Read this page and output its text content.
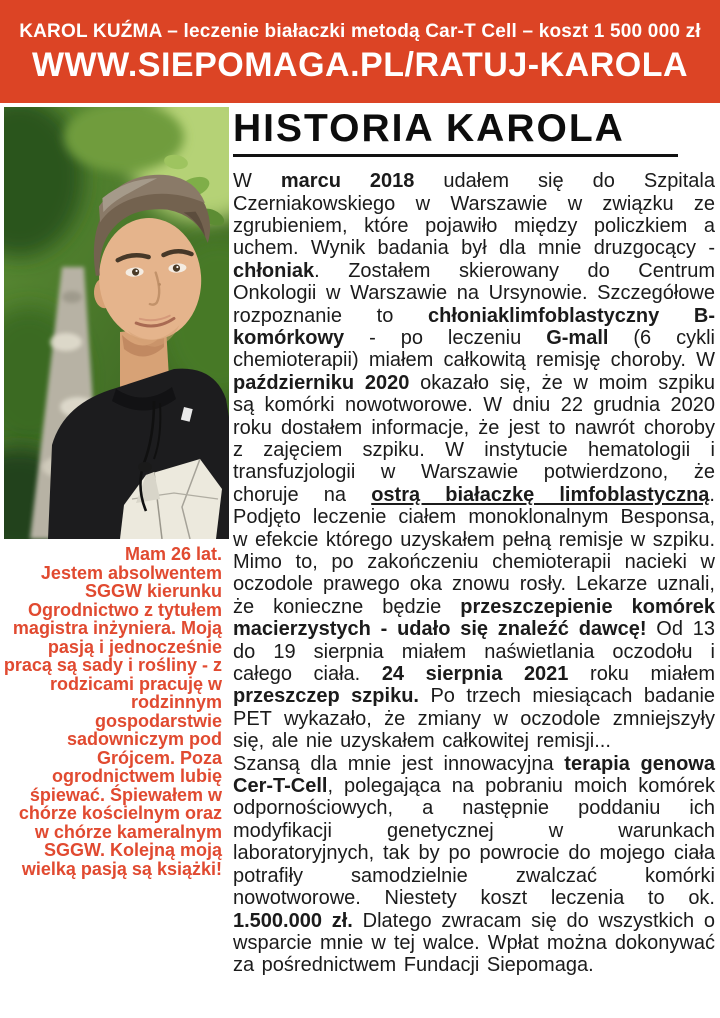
KAROL KUŹMA – leczenie białaczki metodą Car-T Cell – koszt 1 500 000 zł
WWW.SIEPOMAGA.PL/RATUJ-KAROLA

Mam 26 lat.

Jestem absolwentem SGGW kierunku Ogrodnictwo z tytułem magistra inżyniera. Moją pasją i jednocześnie pracą są sady i rośliny - z rodzicami pracuję w rodzinnym gospodarstwie sadowniczym pod Grójcem. Poza ogrodnictwem lubię śpiewać. Śpiewałem w chórze kościelnym oraz w chórze kameralnym SGGW. Kolejną moją wielką pasją są książki!

HISTORIA KAROLA

W marcu 2018 udałem się do Szpitala Czerniakowskiego w Warszawie w związku ze zgrubieniem, które pojawiło między policzkiem a uchem. Wynik badania był dla mnie druzgocący - chłoniak. Zostałem skierowany do Centrum Onkologii w Warszawie na Ursynowie. Szczegółowe rozpoznanie to chłoniaklimfoblastyczny B-komórkowy - po leczeniu G-mall (6 cykli chemioterapii) miałem całkowitą remisję choroby. W październiku 2020 okazało się, że w moim szpiku są komórki nowotworowe. W dniu 22 grudnia 2020 roku dostałem informacje, że jest to nawrót choroby z zajęciem szpiku. W instytucie hematologii i transfuzjologii w Warszawie potwierdzono, że choruje na ostrą białaczkę limfoblastyczną. Podjęto leczenie ciałem monoklonalnym Besponsa, w efekcie którego uzyskałem pełną remisje w szpiku. Mimo to, po zakończeniu chemioterapii nacieki w oczodole prawego oka znowu rosły. Lekarze uznali, że konieczne będzie przeszczepienie komórek macierzystych - udało się znaleźć dawcę! Od 13 do 19 sierpnia miałem naświetlania oczodołu i całego ciała. 24 sierpnia 2021 roku miałem przeszczep szpiku. Po trzech miesiącach badanie PET wykazało, że zmiany w oczodole zmniejszyły się, ale nie uzyskałem całkowitej remisji...

Szansą dla mnie jest innowacyjna terapia genowa Cer-T-Cell, polegająca na pobraniu moich komórek odpornościowych, a następnie poddaniu ich modyfikacji genetycznej w warunkach laboratoryjnych, tak by po powrocie do mojego ciała potrafiły samodzielnie zwalczać komórki nowotworowe. Niestety koszt leczenia to ok. 1.500.000 zł. Dlatego zwracam się do wszystkich o wsparcie mnie w tej walce. Wpłat można dokonywać za pośrednictwem Fundacji Siepomaga.
